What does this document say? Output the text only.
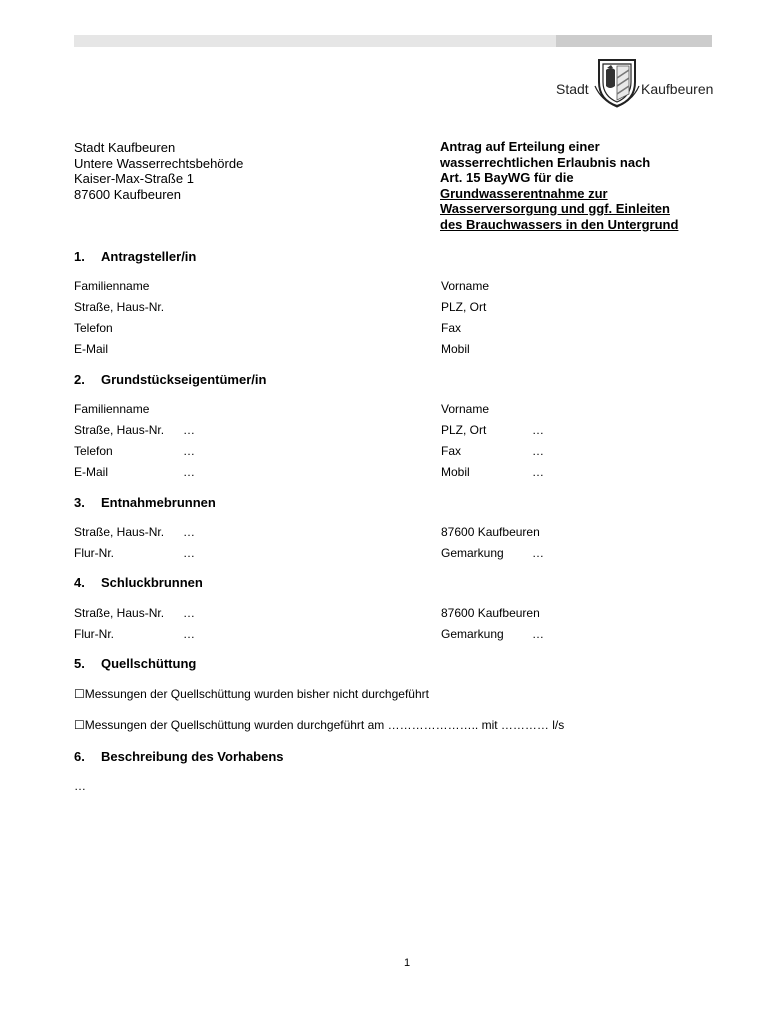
Stadt	Kaufbeuren
Stadt Kaufbeuren
Untere Wasserrechtsbehörde
Kaiser-Max-Straße 1
87600 Kaufbeuren
Antrag auf Erteilung einer
wasserrechtlichen Erlaubnis nach
Art. 15 BayWG für die
Grundwasserentnahme zur
Wasserversorgung und ggf. Einleiten
des Brauchwassers in den Untergrund
1. Antragsteller/in
Familienname	Vorname
Straße, Haus-Nr.	PLZ, Ort
Telefon	Fax
E-Mail	Mobil
2. Grundstückseigentümer/in
Familienname	Vorname
Straße, Haus-Nr. …	PLZ, Ort	…
Telefon	…	Fax	…
E-Mail	…	Mobil	…
3. Entnahmebrunnen
Straße, Haus-Nr. …	87600 Kaufbeuren
Flur-Nr.	…	Gemarkung …
4. Schluckbrunnen
Straße, Haus-Nr. …	87600 Kaufbeuren
Flur-Nr.	…	Gemarkung …
5. Quellschüttung
☐Messungen der Quellschüttung wurden bisher nicht durchgeführt
☐Messungen der Quellschüttung wurden durchgeführt am ………………….. mit ………… l/s
6. Beschreibung des Vorhabens
…
1
